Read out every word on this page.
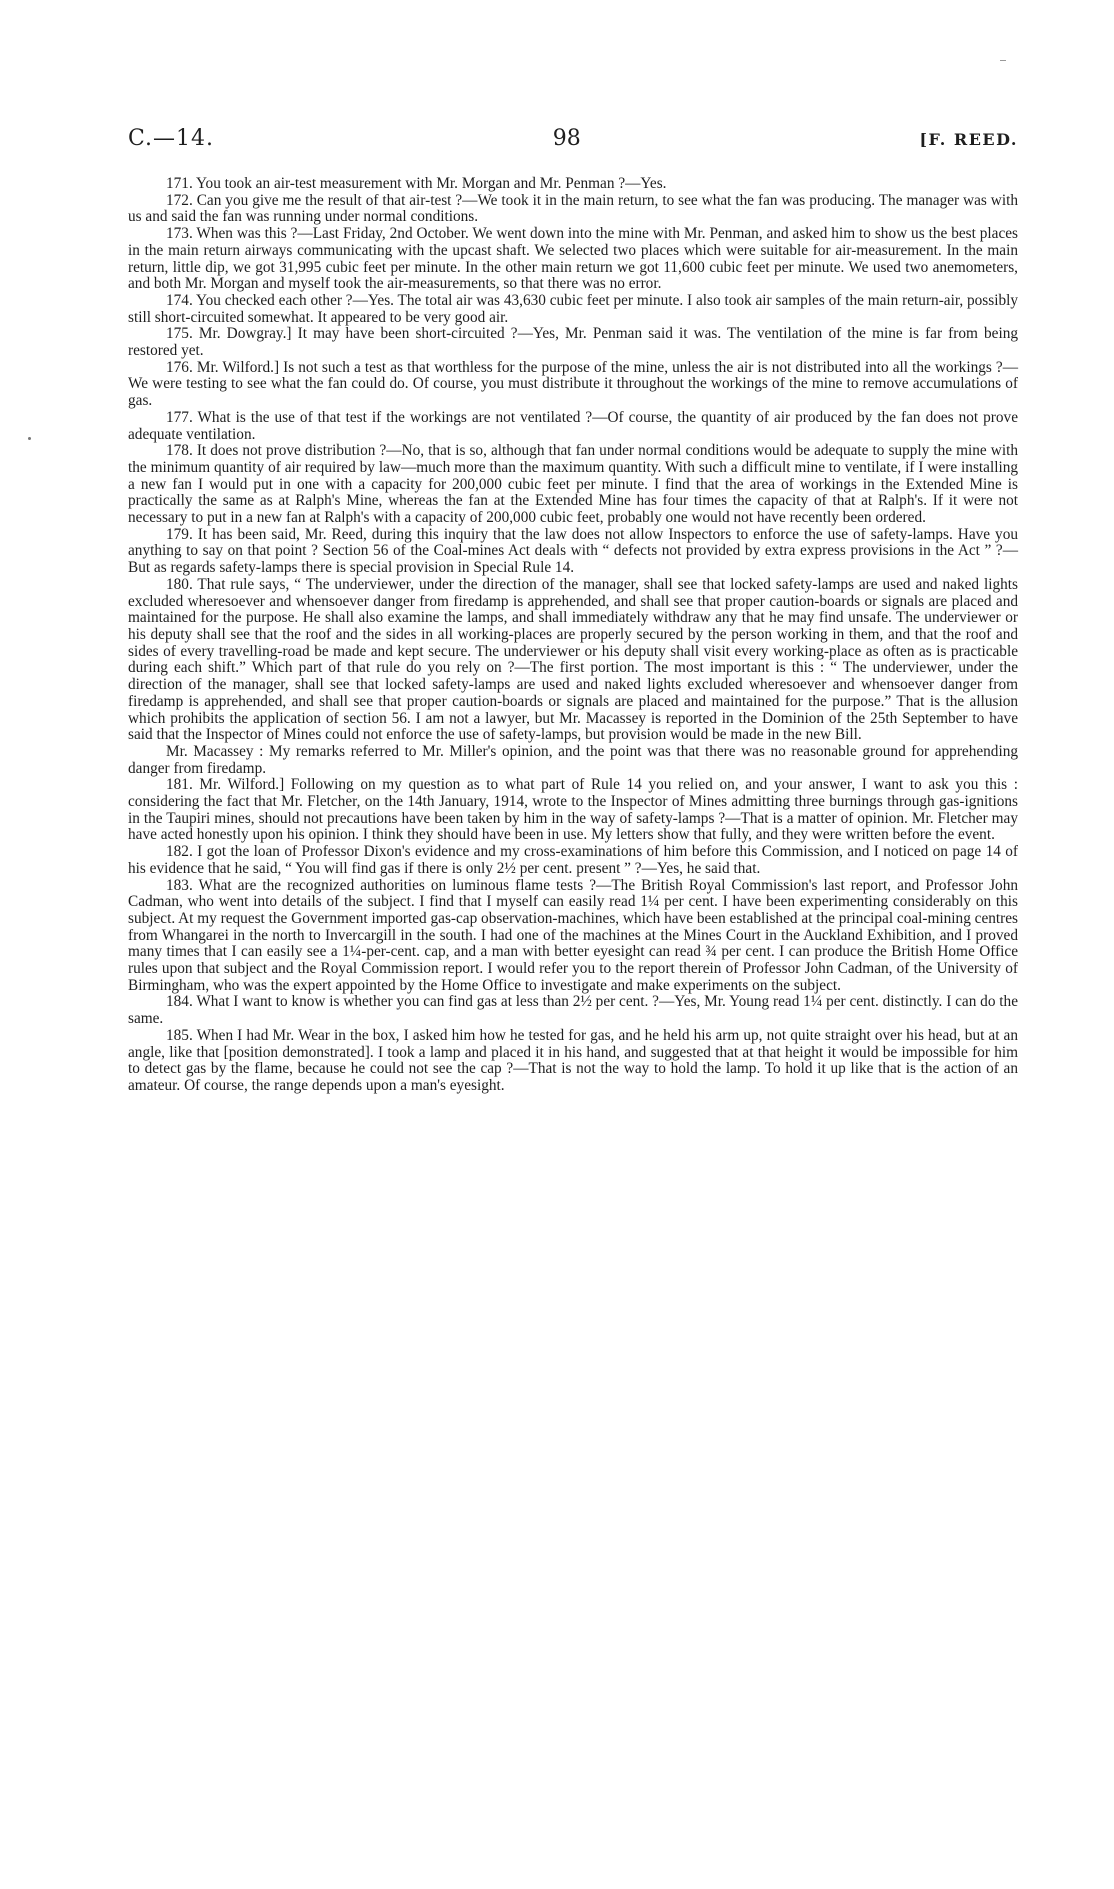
C.—14.	98	[F. REED.

171. You took an air-test measurement with Mr. Morgan and Mr. Penman ?—Yes.

172. Can you give me the result of that air-test ?—We took it in the main return, to see what the fan was producing. The manager was with us and said the fan was running under normal conditions.

173. When was this ?—Last Friday, 2nd October. We went down into the mine with Mr. Penman, and asked him to show us the best places in the main return airways communicating with the upcast shaft. We selected two places which were suitable for air-measurement. In the main return, little dip, we got 31,995 cubic feet per minute. In the other main return we got 11,600 cubic feet per minute. We used two anemometers, and both Mr. Morgan and myself took the air-measurements, so that there was no error.

174. You checked each other ?—Yes. The total air was 43,630 cubic feet per minute. I also took air samples of the main return-air, possibly still short-circuited somewhat. It appeared to be very good air.

175. Mr. Dowgray.] It may have been short-circuited ?—Yes, Mr. Penman said it was. The ventilation of the mine is far from being restored yet.

176. Mr. Wilford.] Is not such a test as that worthless for the purpose of the mine, unless the air is not distributed into all the workings ?—We were testing to see what the fan could do. Of course, you must distribute it throughout the workings of the mine to remove accumulations of gas.

177. What is the use of that test if the workings are not ventilated ?—Of course, the quantity of air produced by the fan does not prove adequate ventilation.

178. It does not prove distribution ?—No, that is so, although that fan under normal conditions would be adequate to supply the mine with the minimum quantity of air required by law—much more than the maximum quantity. With such a difficult mine to ventilate, if I were installing a new fan I would put in one with a capacity for 200,000 cubic feet per minute. I find that the area of workings in the Extended Mine is practically the same as at Ralph's Mine, whereas the fan at the Extended Mine has four times the capacity of that at Ralph's. If it were not necessary to put in a new fan at Ralph's with a capacity of 200,000 cubic feet, probably one would not have recently been ordered.

179. It has been said, Mr. Reed, during this inquiry that the law does not allow Inspectors to enforce the use of safety-lamps. Have you anything to say on that point ? Section 56 of the Coal-mines Act deals with “ defects not provided by extra express provisions in the Act ” ?—But as regards safety-lamps there is special provision in Special Rule 14.

180. That rule says, “ The underviewer, under the direction of the manager, shall see that locked safety-lamps are used and naked lights excluded wheresoever and whensoever danger from firedamp is apprehended, and shall see that proper caution-boards or signals are placed and maintained for the purpose. He shall also examine the lamps, and shall immediately withdraw any that he may find unsafe. The underviewer or his deputy shall see that the roof and the sides in all working-places are properly secured by the person working in them, and that the roof and sides of every travelling-road be made and kept secure. The underviewer or his deputy shall visit every working-place as often as is practicable during each shift.” Which part of that rule do you rely on ?—The first portion. The most important is this : “ The underviewer, under the direction of the manager, shall see that locked safety-lamps are used and naked lights excluded wheresoever and whensoever danger from firedamp is apprehended, and shall see that proper caution-boards or signals are placed and maintained for the purpose.” That is the allusion which prohibits the application of section 56. I am not a lawyer, but Mr. Macassey is reported in the Dominion of the 25th September to have said that the Inspector of Mines could not enforce the use of safety-lamps, but provision would be made in the new Bill.

Mr. Macassey : My remarks referred to Mr. Miller's opinion, and the point was that there was no reasonable ground for apprehending danger from firedamp.

181. Mr. Wilford.] Following on my question as to what part of Rule 14 you relied on, and your answer, I want to ask you this : considering the fact that Mr. Fletcher, on the 14th January, 1914, wrote to the Inspector of Mines admitting three burnings through gas-ignitions in the Taupiri mines, should not precautions have been taken by him in the way of safety-lamps ?—That is a matter of opinion. Mr. Fletcher may have acted honestly upon his opinion. I think they should have been in use. My letters show that fully, and they were written before the event.

182. I got the loan of Professor Dixon's evidence and my cross-examinations of him before this Commission, and I noticed on page 14 of his evidence that he said, “ You will find gas if there is only 2½ per cent. present ” ?—Yes, he said that.

183. What are the recognized authorities on luminous flame tests ?—The British Royal Commission's last report, and Professor John Cadman, who went into details of the subject. I find that I myself can easily read 1¼ per cent. I have been experimenting considerably on this subject. At my request the Government imported gas-cap observation-machines, which have been established at the principal coal-mining centres from Whangarei in the north to Invercargill in the south. I had one of the machines at the Mines Court in the Auckland Exhibition, and I proved many times that I can easily see a 1¼-per-cent. cap, and a man with better eyesight can read ¾ per cent. I can produce the British Home Office rules upon that subject and the Royal Commission report. I would refer you to the report therein of Professor John Cadman, of the University of Birmingham, who was the expert appointed by the Home Office to investigate and make experiments on the subject.

184. What I want to know is whether you can find gas at less than 2½ per cent. ?—Yes, Mr. Young read 1¼ per cent. distinctly. I can do the same.

185. When I had Mr. Wear in the box, I asked him how he tested for gas, and he held his arm up, not quite straight over his head, but at an angle, like that [position demonstrated]. I took a lamp and placed it in his hand, and suggested that at that height it would be impossible for him to detect gas by the flame, because he could not see the cap ?—That is not the way to hold the lamp. To hold it up like that is the action of an amateur. Of course, the range depends upon a man's eyesight.
